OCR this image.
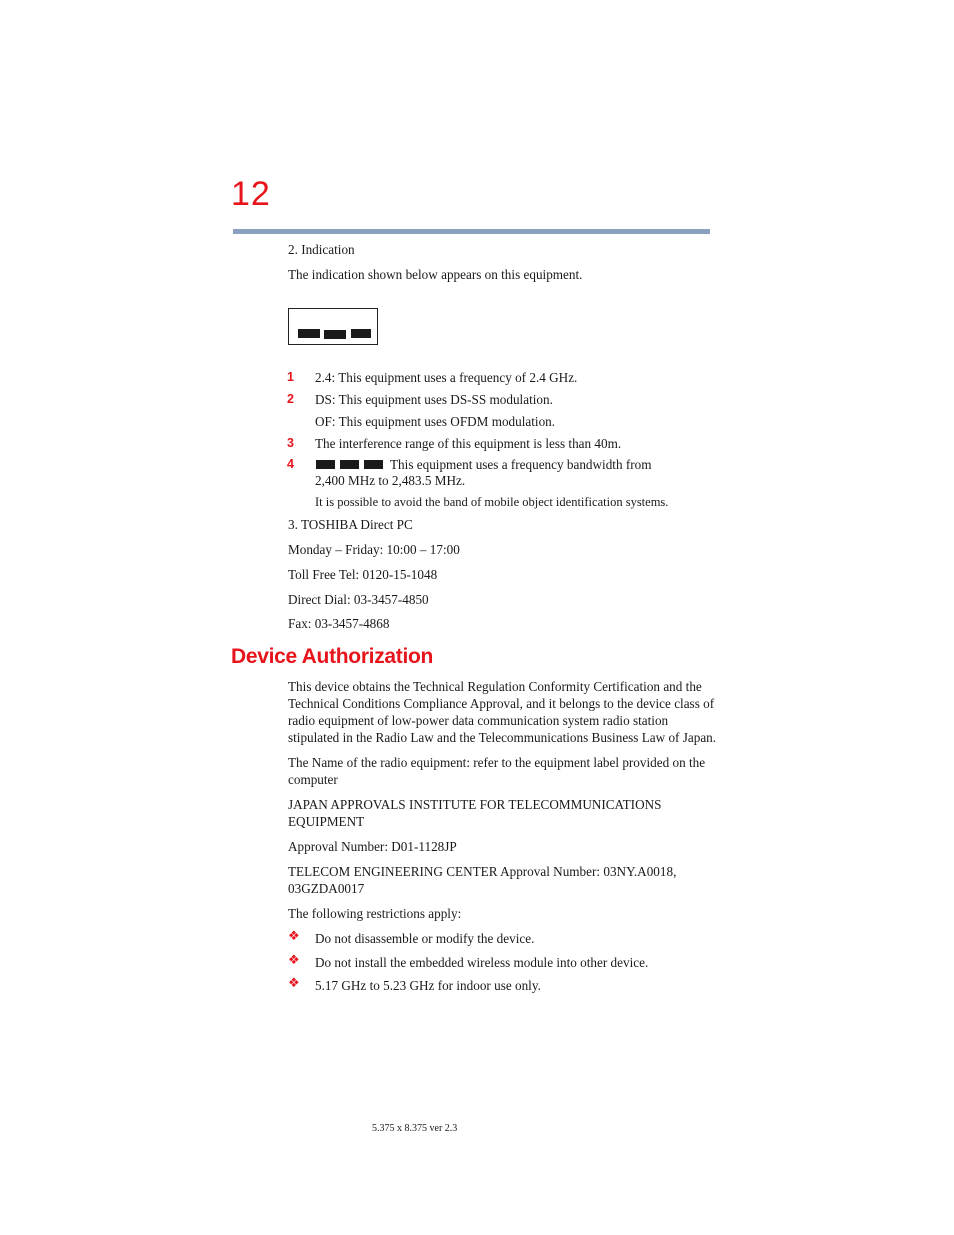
12
2. Indication
The indication shown below appears on this equipment.
1 2.4: This equipment uses a frequency of 2.4 GHz.
2 DS: This equipment uses DS-SS modulation.
OF: This equipment uses OFDM modulation.
3 The interference range of this equipment is less than 40m.
4	This equipment uses a frequency bandwidth from
2,400 MHz to 2,483.5 MHz.
It is possible to avoid the band of mobile object identification systems.
3. TOSHIBA Direct PC
Monday – Friday: 10:00 – 17:00
Toll Free Tel: 0120-15-1048
Direct Dial: 03-3457-4850
Fax: 03-3457-4868
Device Authorization
This device obtains the Technical Regulation Conformity Certification and the
Technical Conditions Compliance Approval, and it belongs to the device class of
radio equipment of low-power data communication system radio station
stipulated in the Radio Law and the Telecommunications Business Law of Japan.
The Name of the radio equipment: refer to the equipment label provided on the
computer
JAPAN APPROVALS INSTITUTE FOR TELECOMMUNICATIONS
EQUIPMENT
Approval Number: D01-1128JP
TELECOM ENGINEERING CENTER Approval Number: 03NY.A0018,
03GZDA0017
The following restrictions apply:
❖ Do not disassemble or modify the device.
❖ Do not install the embedded wireless module into other device.
❖ 5.17 GHz to 5.23 GHz for indoor use only.
5.375 x 8.375 ver 2.3
